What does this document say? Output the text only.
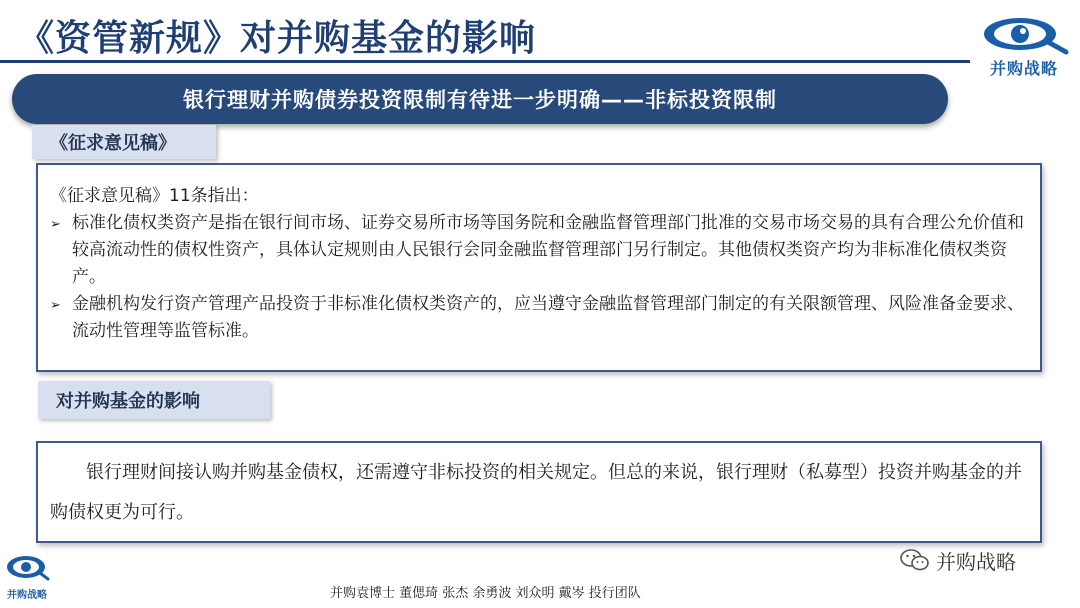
《资管新规》对并购基金的影响
并购战略
银行理财并购债券投资限制有待进一步明确——非标投资限制
《征求意见稿》

《征求意见稿》11条指出：

➢ 标准化债权类资产是指在银行间市场、证券交易所市场等国务院和金融监督管理部门批准的交易市场交易的具有合理公允价值和较高流动性的债权性资产，具体认定规则由人民银行会同金融监督管理部门另行制定。其他债权类资产均为非标准化债权类资产。
➢ 金融机构发行资产管理产品投资于非标准化债权类资产的，应当遵守金融监督管理部门制定的有关限额管理、风险准备金要求、流动性管理等监管标准。
对并购基金的影响
银行理财间接认购并购基金债权，还需遵守非标投资的相关规定。但总的来说，银行理财（私募型）投资并购基金的并购债权更为可行。
并购战略
并购战略	并购袁博士 董偲琦 张杰 余勇波 刘众明 戴岑 投行团队
